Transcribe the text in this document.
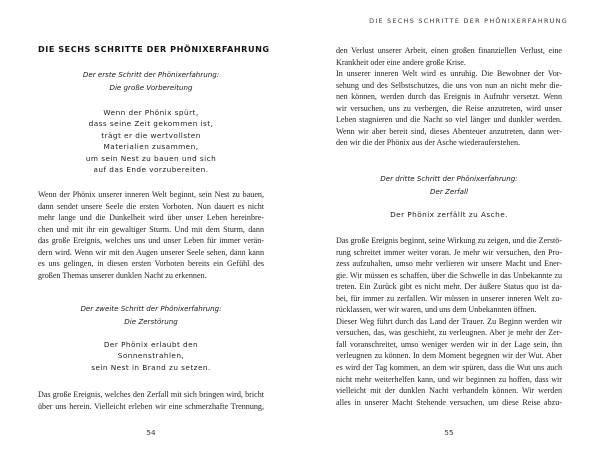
DIE SECHS SCHRITTE DER PHÖNIXERFAHRUNG
Der erste Schritt der Phönixerfahrung:
Die große Vorbereitung
Wenn der Phönix spürt,
dass seine Zeit gekommen ist,
trägt er die wertvollsten
Materialien zusammen,
um sein Nest zu bauen und sich
auf das Ende vorzubereiten.
Wenn der Phönix unserer inneren Welt beginnt, sein Nest zu bauen,
dann sendet unsere Seele die ersten Vorboten. Nun dauert es nicht
mehr lange und die Dunkelheit wird über unser Leben hereinbre-
chen und mit ihr ein gewaltiger Sturm. Und mit dem Sturm, dann
das große Ereignis, welches uns und unser Leben für immer verän-
dern wird. Wenn wir mit den Augen unserer Seele sehen, dann kann
es uns gelingen, in diesen ersten Vorboten bereits ein Gefühl des
großen Themas unserer dunklen Nacht zu erkennen.
Der zweite Schritt der Phönixerfahrung:
Die Zerstörung
Der Phönix erlaubt den
Sonnenstrahlen,
sein Nest in Brand zu setzen.
Das große Ereignis, welches den Zerfall mit sich bringen wird, bricht
über uns herein. Vielleicht erleben wir eine schmerzhafte Trennung,
54
DIE SECHS SCHRITTE DER PHÖNIXERFAHRUNG
den Verlust unserer Arbeit, einen großen finanziellen Verlust, eine
Krankheit oder eine andere große Krise.
In unserer inneren Welt wird es unruhig. Die Bewohner der Vor-
sehung und des Selbstschutzes, die uns von nun an nicht mehr die-
nen können, werden durch das Ereignis in Aufruhr versetzt. Wenn
wir versuchen, uns zu verbergen, die Reise anzutreten, wird unser
Leben stagnieren und die Nacht so viel länger und dunkler werden.
Wenn wir aber bereit sind, dieses Abenteuer anzutreten, dann wer-
den wir die der Phönix aus der Asche wiederauferstehen.
Der dritte Schritt der Phönixerfahrung:
Der Zerfall
Der Phönix zerfällt zu Asche.
Das große Ereignis beginnt, seine Wirkung zu zeigen, und die Zerstö-
rung schreitet immer weiter voran. Je mehr wir versuchen, den Pro-
zess aufzuhalten, umso mehr verlieren wir unsere Macht und Ener-
gie. Wir müssen es schaffen, über die Schwelle in das Unbekannte zu
treten. Ein Zurück gibt es nicht mehr. Der äußere Status quo ist da-
bei, für immer zu zerfallen. Wir müssen in unserer inneren Welt zu-
rücklassen, wer wir waren, und uns dem Unbekannten öffnen.
Dieser Weg führt durch das Land der Trauer. Zu Beginn werden wir
versuchen, das, was geschieht, zu verleugnen. Aber je mehr der Zer-
fall voranschreitet, umso weniger werden wir in der Lage sein, ihn
verleugnen zu können. In dem Moment begegnen wir der Wut. Aber
es wird der Tag kommen, an dem wir spüren, dass die Wut uns auch
nicht mehr weiterhelfen kann, und wir beginnen zu hoffen, dass wir
vielleicht mit der dunklen Nacht verhandeln können. Wir werden
alles in unserer Macht Stehende versuchen, um diese Reise abzu-
55
